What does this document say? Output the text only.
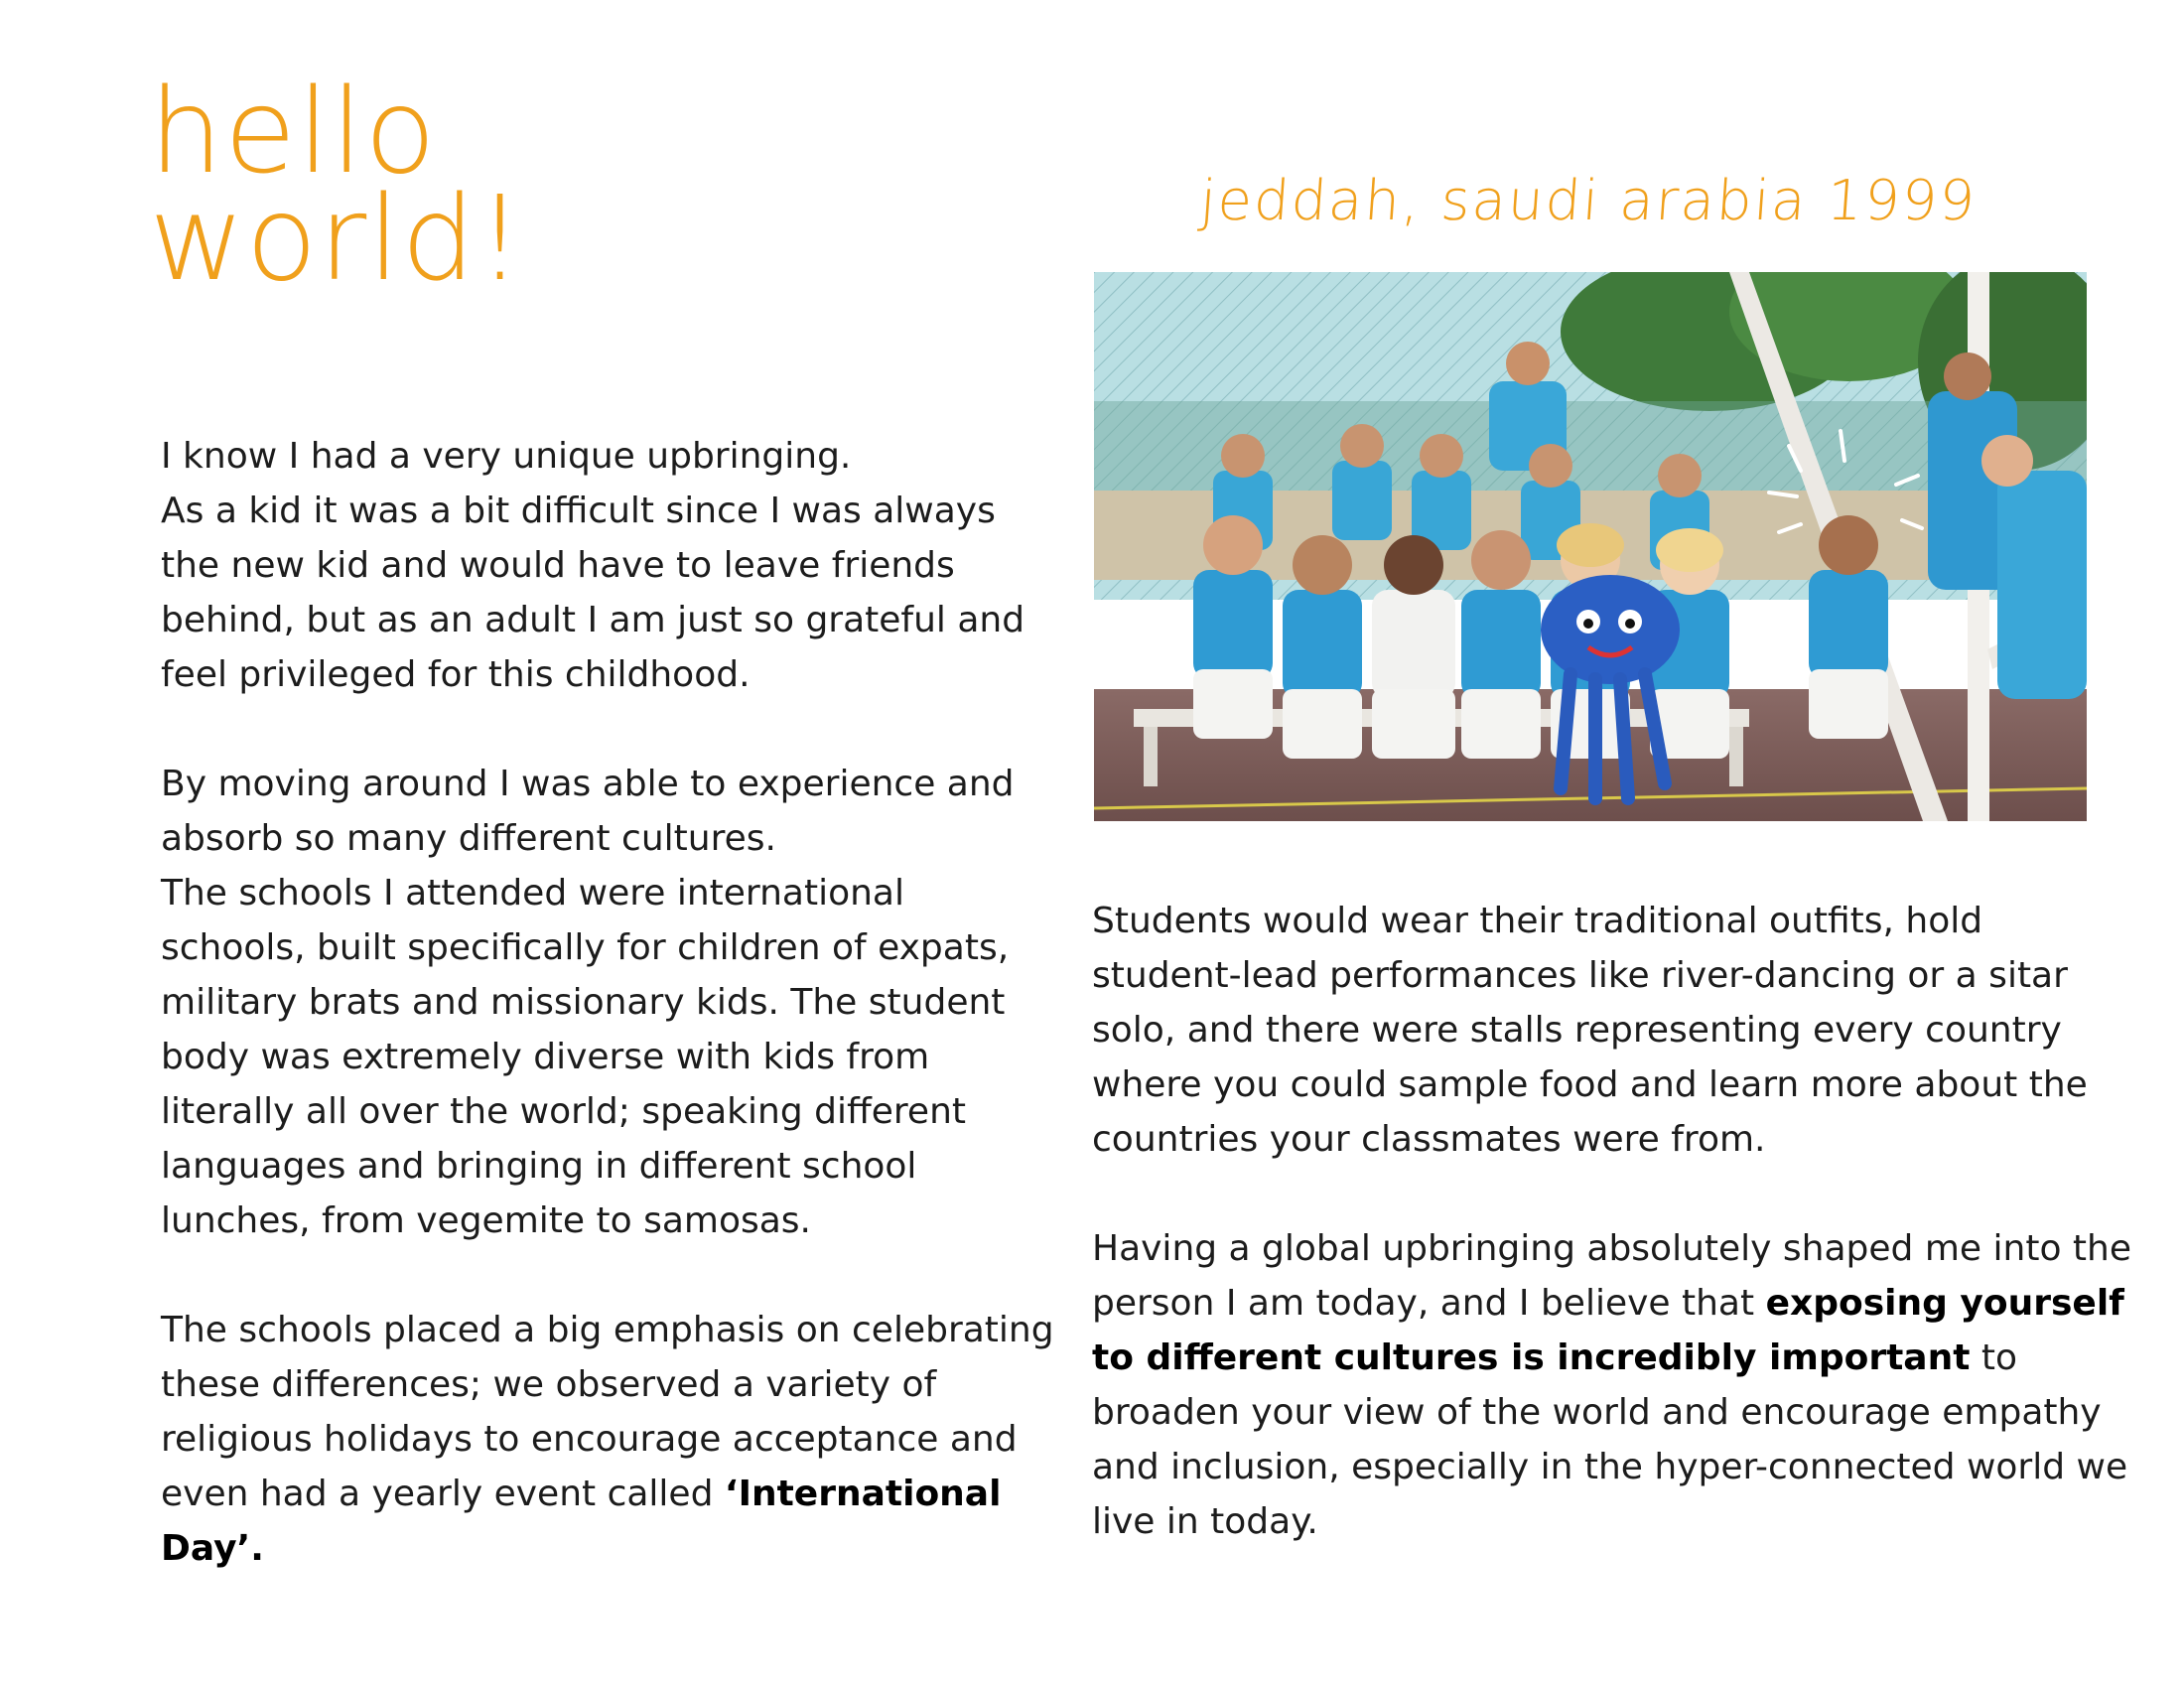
hello
world!	jeddah, saudi arabia 1999

I know I had a very unique upbringing.
As a kid it was a bit difficult since I was always the new kid and would have to leave friends behind, but as an adult I am just so grateful and feel privileged for this childhood.

By moving around I was able to experience and absorb so many different cultures.
The schools I attended were international schools, built specifically for children of expats, military brats and missionary kids. The student body was extremely diverse with kids from literally all over the world; speaking different languages and bringing in different school lunches, from vegemite to samosas.

The schools placed a big emphasis on celebrating these differences; we observed a variety of religious holidays to encourage acceptance and even had a yearly event called ‘International Day’.

Students would wear their traditional outfits, hold student-lead performances like river-dancing or a sitar solo, and there were stalls representing every country where you could sample food and learn more about the countries your classmates were from.

Having a global upbringing absolutely shaped me into the person I am today, and I believe that exposing yourself to different cultures is incredibly important to broaden your view of the world and encourage empathy and inclusion, especially in the hyper-connected world we live in today.
